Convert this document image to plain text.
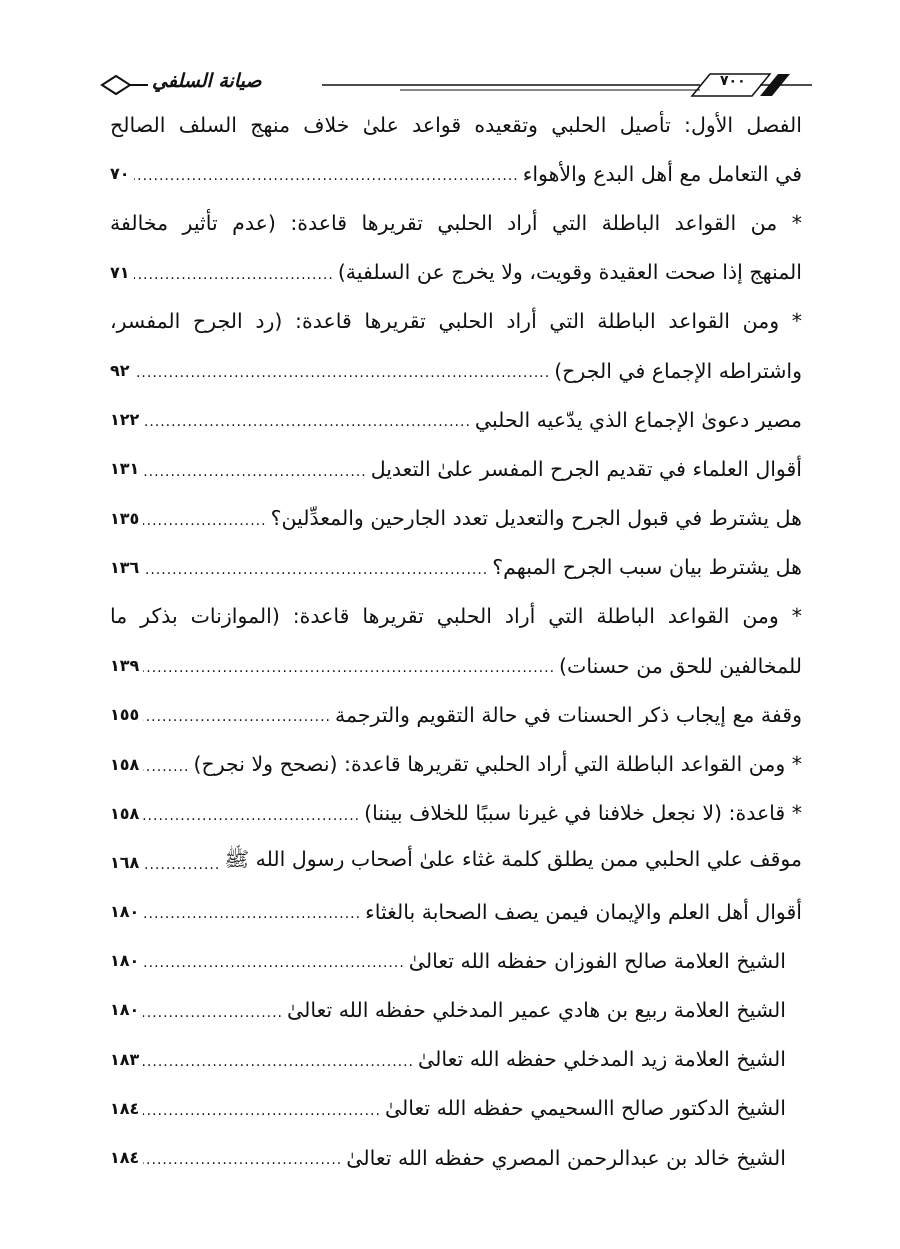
صيانة السلفي	٧٠٠
الفصل الأول: تأصيل الحلبي وتقعيده قواعد علىٰ خلاف منهج السلف الصالح
في التعامل مع أهل البدع والأهواء
.....
٧٠
* من القواعد الباطلة التي أراد الحلبي تقريرها قاعدة: (عدم تأثير مخالفة
المنهج إذا صحت العقيدة وقويت، ولا يخرج عن السلفية)
.....
٧١
* ومن القواعد الباطلة التي أراد الحلبي تقريرها قاعدة: (رد الجرح المفسر،
واشتراطه الإجماع في الجرح)
.....
٩٢
مصير دعوىٰ الإجماع الذي يدّعيه الحلبي
.....
١٢٢
أقوال العلماء في تقديم الجرح المفسر علىٰ التعديل
.....
١٣١
هل يشترط في قبول الجرح والتعديل تعدد الجارحين والمعدِّلين؟
.....
١٣٥
هل يشترط بيان سبب الجرح المبهم؟
.....
١٣٦
* ومن القواعد الباطلة التي أراد الحلبي تقريرها قاعدة: (الموازنات بذكر ما
للمخالفين للحق من حسنات)
.....
١٣٩
وقفة مع إيجاب ذكر الحسنات في حالة التقويم والترجمة
.....
١٥٥
* ومن القواعد الباطلة التي أراد الحلبي تقريرها قاعدة: (نصحح ولا نجرح)
.....
١٥٨
* قاعدة: (لا نجعل خلافنا في غيرنا سببًا للخلاف بيننا)
.....
١٥٨
موقف علي الحلبي ممن يطلق كلمة غثاء علىٰ أصحاب رسول الله ﷺ
.....
١٦٨
أقوال أهل العلم والإيمان فيمن يصف الصحابة بالغثاء
.....
١٨٠
الشيخ العلامة صالح الفوزان حفظه الله تعالىٰ
.....
١٨٠
الشيخ العلامة ربيع بن هادي عمير المدخلي حفظه الله تعالىٰ
.....
١٨٠
الشيخ العلامة زيد المدخلي حفظه الله تعالىٰ
.....
١٨٣
الشيخ الدكتور صالح االسحيمي حفظه الله تعالىٰ
.....
١٨٤
الشيخ خالد بن عبدالرحمن المصري حفظه الله تعالىٰ
.....
١٨٤
